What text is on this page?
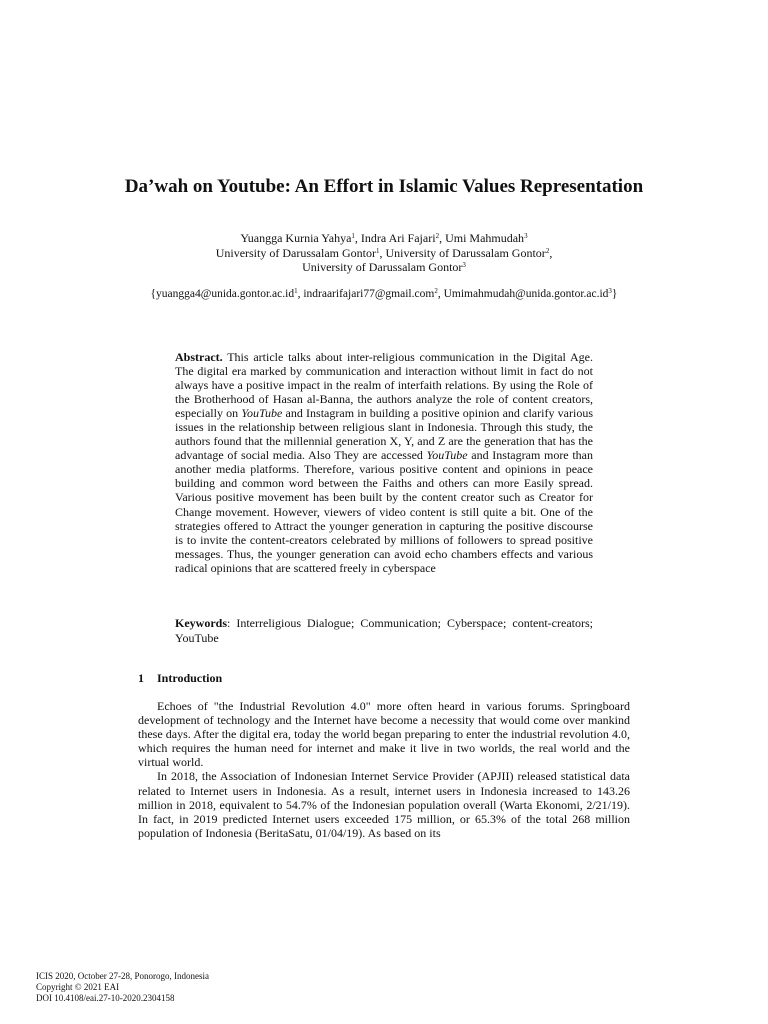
Da’wah on Youtube: An Effort in Islamic Values Representation
Yuangga Kurnia Yahya$^1$, Indra Ari Fajari$^2$, Umi Mahmudah$^3$
University of Darussalam Gontor$^1$, University of Darussalam Gontor$^2$,
University of Darussalam Gontor$^3$
{$yuangga4@unida.gontor.ac.id^1$, indraarifajari77@gmail.com$^2$, $Umimahmudah@unida.gontor.ac.id^3$}

Abstract. This article talks about inter-religious communication in the Digital Age. The digital era marked by communication and interaction without limit in fact do not always have a positive impact in the realm of interfaith relations. By using the Role of the Brotherhood of Hasan al-Banna, the authors analyze the role of content creators, especially on YouTube and Instagram in building a positive opinion and clarify various issues in the relationship between religious slant in Indonesia. Through this study, the authors found that the millennial generation X, Y, and Z are the generation that has the advantage of social media. Also They are accessed YouTube and Instagram more than another media platforms. Therefore, various positive content and opinions in peace building and common word between the Faiths and others can more Easily spread. Various positive movement has been built by the content creator such as Creator for Change movement. However, viewers of video content is still quite a bit. One of the strategies offered to Attract the younger generation in capturing the positive discourse is to invite the content-creators celebrated by millions of followers to spread positive messages. Thus, the younger generation can avoid echo chambers effects and various radical opinions that are scattered freely in cyberspace

Keywords: Interreligious Dialogue; Communication; Cyberspace; content-creators; YouTube

1	Introduction

Echoes of "the Industrial Revolution 4.0" more often heard in various forums. Springboard development of technology and the Internet have become a necessity that would come over mankind these days. After the digital era, today the world began preparing to enter the industrial revolution 4.0, which requires the human need for internet and make it live in two worlds, the real world and the virtual world.

In 2018, the Association of Indonesian Internet Service Provider (APJII) released statistical data related to Internet users in Indonesia. As a result, internet users in Indonesia increased to 143.26 million in 2018, equivalent to 54.7% of the Indonesian population overall (Warta Ekonomi, 2/21/19). In fact, in 2019 predicted Internet users exceeded 175 million, or 65.3% of the total 268 million population of Indonesia (BeritaSatu, 01/04/19). As based on its

ICIS 2020, October 27-28, Ponorogo, Indonesia
Copyright © 2021 EAI
DOI 10.4108/eai.27-10-2020.2304158
